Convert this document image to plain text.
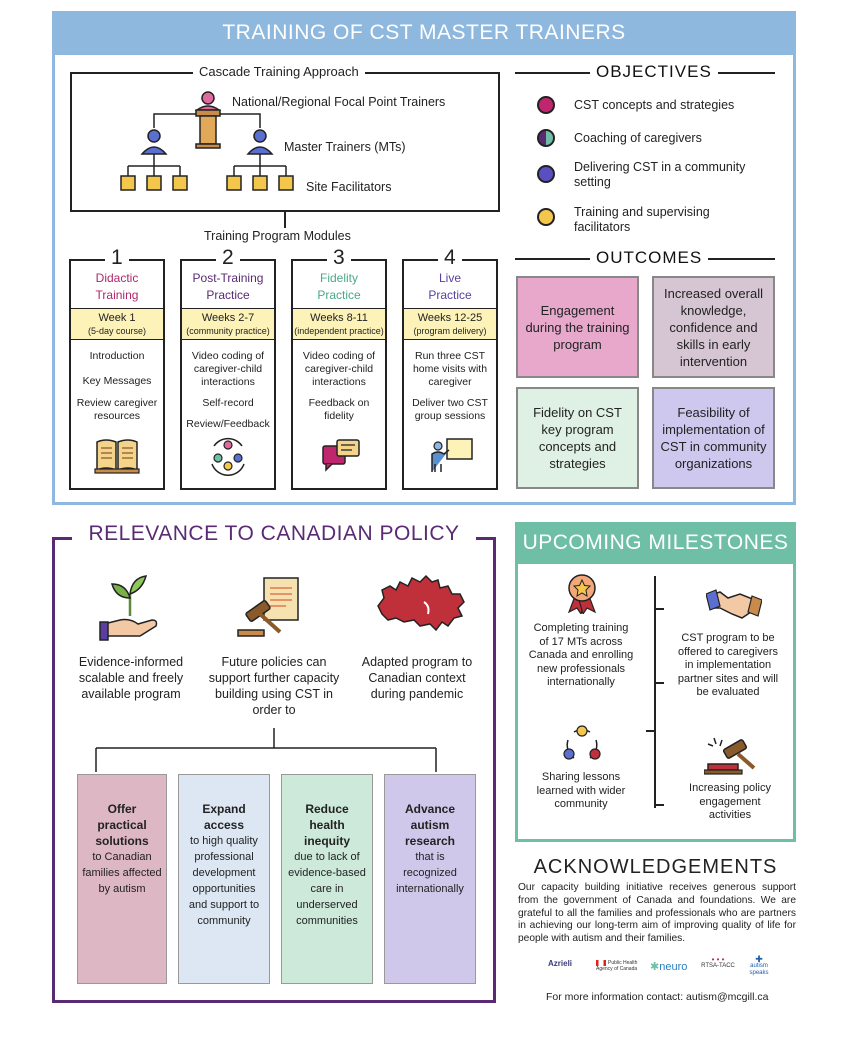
TRAINING OF CST MASTER TRAINERS
Cascade Training Approach
National/Regional Focal Point Trainers
Master Trainers (MTs)
Site Facilitators
Training Program Modules
1	2	3	4
Didactic
Training
Post-Training
Practice
Fidelity
Practice
Live
Practice
Week 1
(5-day course)
Weeks 2-7
(community practice)
Weeks 8-11
(independent practice)
Weeks 12-25
(program delivery)
Introduction
Key Messages
Review caregiver resources
Video coding of caregiver-child interactions
Self-record
Review/Feedback
Video coding of caregiver-child interactions
Feedback on fidelity
Run three CST home visits with caregiver
Deliver two CST group sessions
OBJECTIVES
CST concepts and strategies
Coaching of caregivers
Delivering CST in a community setting
Training and supervising facilitators
OUTCOMES
Engagement during the training program
Increased overall knowledge, confidence and skills in early intervention
Fidelity on CST key program concepts and strategies
Feasibility of implementation of CST in community organizations
RELEVANCE TO CANADIAN POLICY
Evidence-informed scalable and freely available program
Future policies can support further capacity building using CST in order to
Adapted program to Canadian context during pandemic
Offer practical solutions
to Canadian families affected by autism
Expand access
to high quality professional development opportunities and support to community
Reduce health inequity
due to lack of evidence-based care in underserved communities
Advance autism research
that is recognized internationally
UPCOMING MILESTONES
Completing training of 17 MTs across Canada and enrolling new professionals internationally
CST program to be offered to caregivers in implementation partner sites and will be evaluated
Sharing lessons learned with wider community
Increasing policy engagement activities
ACKNOWLEDGEMENTS
Our capacity building initiative receives generous support from the government of Canada and foundations. We are grateful to all the families and professionals who are partners in achieving our long-term aim of improving quality of life for people with autism and their families.
Azrieli	Public Health Agency of Canada ✱neuro
• • •
RTSA-TACC
✚
autism speaks
For more information contact: autism@mcgill.ca
